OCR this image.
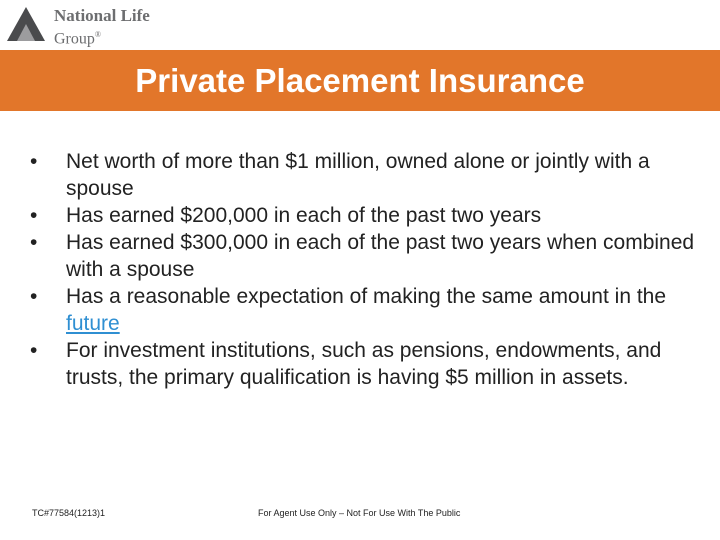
National Life
Group®
Private Placement Insurance
•	Net worth of more than $1 million, owned alone or jointly with a spouse
•	Has earned $200,000 in each of the past two years
•	Has earned $300,000 in each of the past two years when combined with a spouse
•	Has a reasonable expectation of making the same amount in the future
•	For investment institutions, such as pensions, endowments, and trusts, the primary qualification is having $5 million in assets.
TC#77584(1213)1	For Agent Use Only – Not For Use With The Public
